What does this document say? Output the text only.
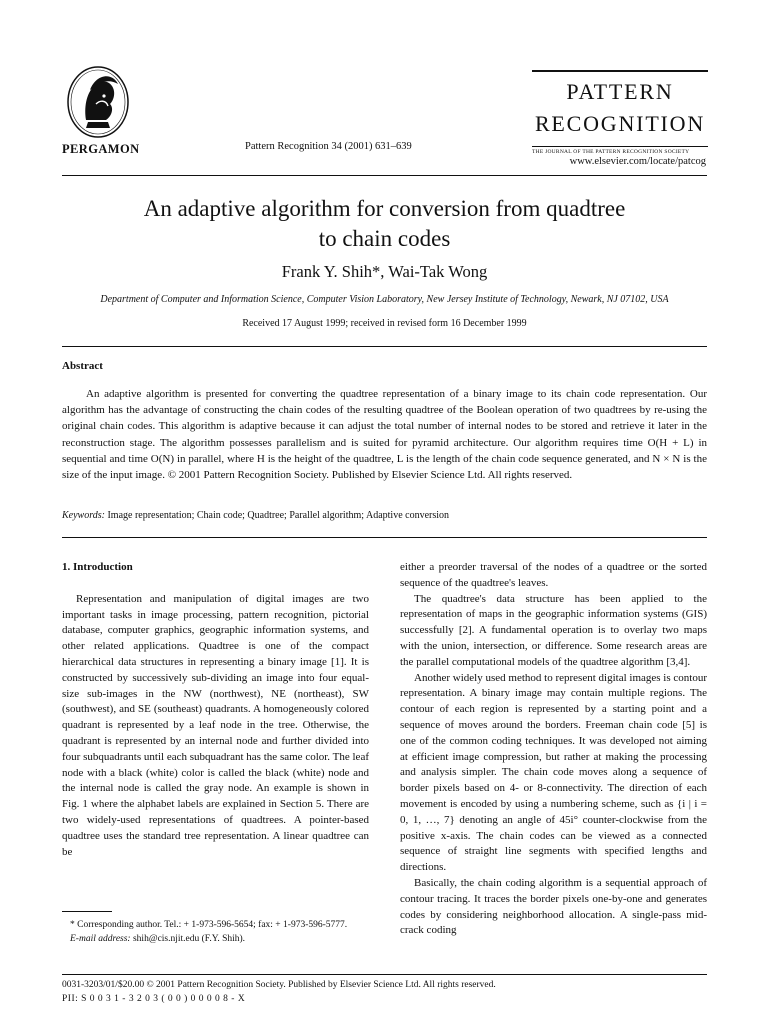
PERGAMON	Pattern Recognition 34 (2001) 631–639
PATTERN
RECOGNITION
THE JOURNAL OF THE PATTERN RECOGNITION SOCIETY
www.elsevier.com/locate/patcog
An adaptive algorithm for conversion from quadtree
to chain codes
Frank Y. Shih*, Wai-Tak Wong
Department of Computer and Information Science, Computer Vision Laboratory, New Jersey Institute of Technology, Newark, NJ 07102, USA
Received 17 August 1999; received in revised form 16 December 1999
Abstract
An adaptive algorithm is presented for converting the quadtree representation of a binary image to its chain code representation. Our algorithm has the advantage of constructing the chain codes of the resulting quadtree of the Boolean operation of two quadtrees by re-using the original chain codes. This algorithm is adaptive because it can adjust the total number of internal nodes to be stored and retrieve it later in the reconstruction stage. The algorithm possesses parallelism and is suited for pyramid architecture. Our algorithm requires time O(H + L) in sequential and time O(N) in parallel, where H is the height of the quadtree, L is the length of the chain code sequence generated, and N × N is the size of the input image. © 2001 Pattern Recognition Society. Published by Elsevier Science Ltd. All rights reserved.
Keywords: Image representation; Chain code; Quadtree; Parallel algorithm; Adaptive conversion
1. Introduction

Representation and manipulation of digital images are two important tasks in image processing, pattern recognition, pictorial database, computer graphics, geographic information systems, and other related applications. Quadtree is one of the compact hierarchical data structures in representing a binary image [1]. It is constructed by successively sub-dividing an image into four equal-size sub-images in the NW (northwest), NE (northeast), SW (southwest), and SE (southeast) quadrants. A homogeneously colored quadrant is represented by a leaf node in the tree. Otherwise, the quadrant is represented by an internal node and further divided into four subquadrants until each subquadrant has the same color. The leaf node with a black (white) color is called the black (white) node and the internal node is called the gray node. An example is shown in Fig. 1 where the alphabet labels are explained in Section 5. There are two widely-used representations of quadtrees. A pointer-based quadtree uses the standard tree representation. A linear quadtree can be

either a preorder traversal of the nodes of a quadtree or the sorted sequence of the quadtree's leaves.

The quadtree's data structure has been applied to the representation of maps in the geographic information systems (GIS) successfully [2]. A fundamental operation is to overlay two maps with the union, intersection, or difference. Some research areas are the parallel computational models of the quadtree algorithm [3,4].

Another widely used method to represent digital images is contour representation. A binary image may contain multiple regions. The contour of each region is represented by a starting point and a sequence of moves around the borders. Freeman chain code [5] is one of the common coding techniques. It was developed not aiming at efficient image compression, but rather at making the processing and analysis simpler. The chain code moves along a sequence of border pixels based on 4- or 8-connectivity. The direction of each movement is encoded by using a numbering scheme, such as {i | i = 0, 1, …, 7} denoting an angle of 45i° counter-clockwise from the positive x-axis. The chain codes can be viewed as a connected sequence of straight line segments with specified lengths and directions.

Basically, the chain coding algorithm is a sequential approach of contour tracing. It traces the border pixels one-by-one and generates codes by considering neighborhood allocation. A single-pass mid-crack coding

* Corresponding author. Tel.: + 1-973-596-5654; fax: + 1-973-596-5777.

E-mail address: shih@cis.njit.edu (F.Y. Shih).

0031-3203/01/$20.00 © 2001 Pattern Recognition Society. Published by Elsevier Science Ltd. All rights reserved.
PII: S 0 0 3 1 - 3 2 0 3 ( 0 0 ) 0 0 0 0 8 - X
